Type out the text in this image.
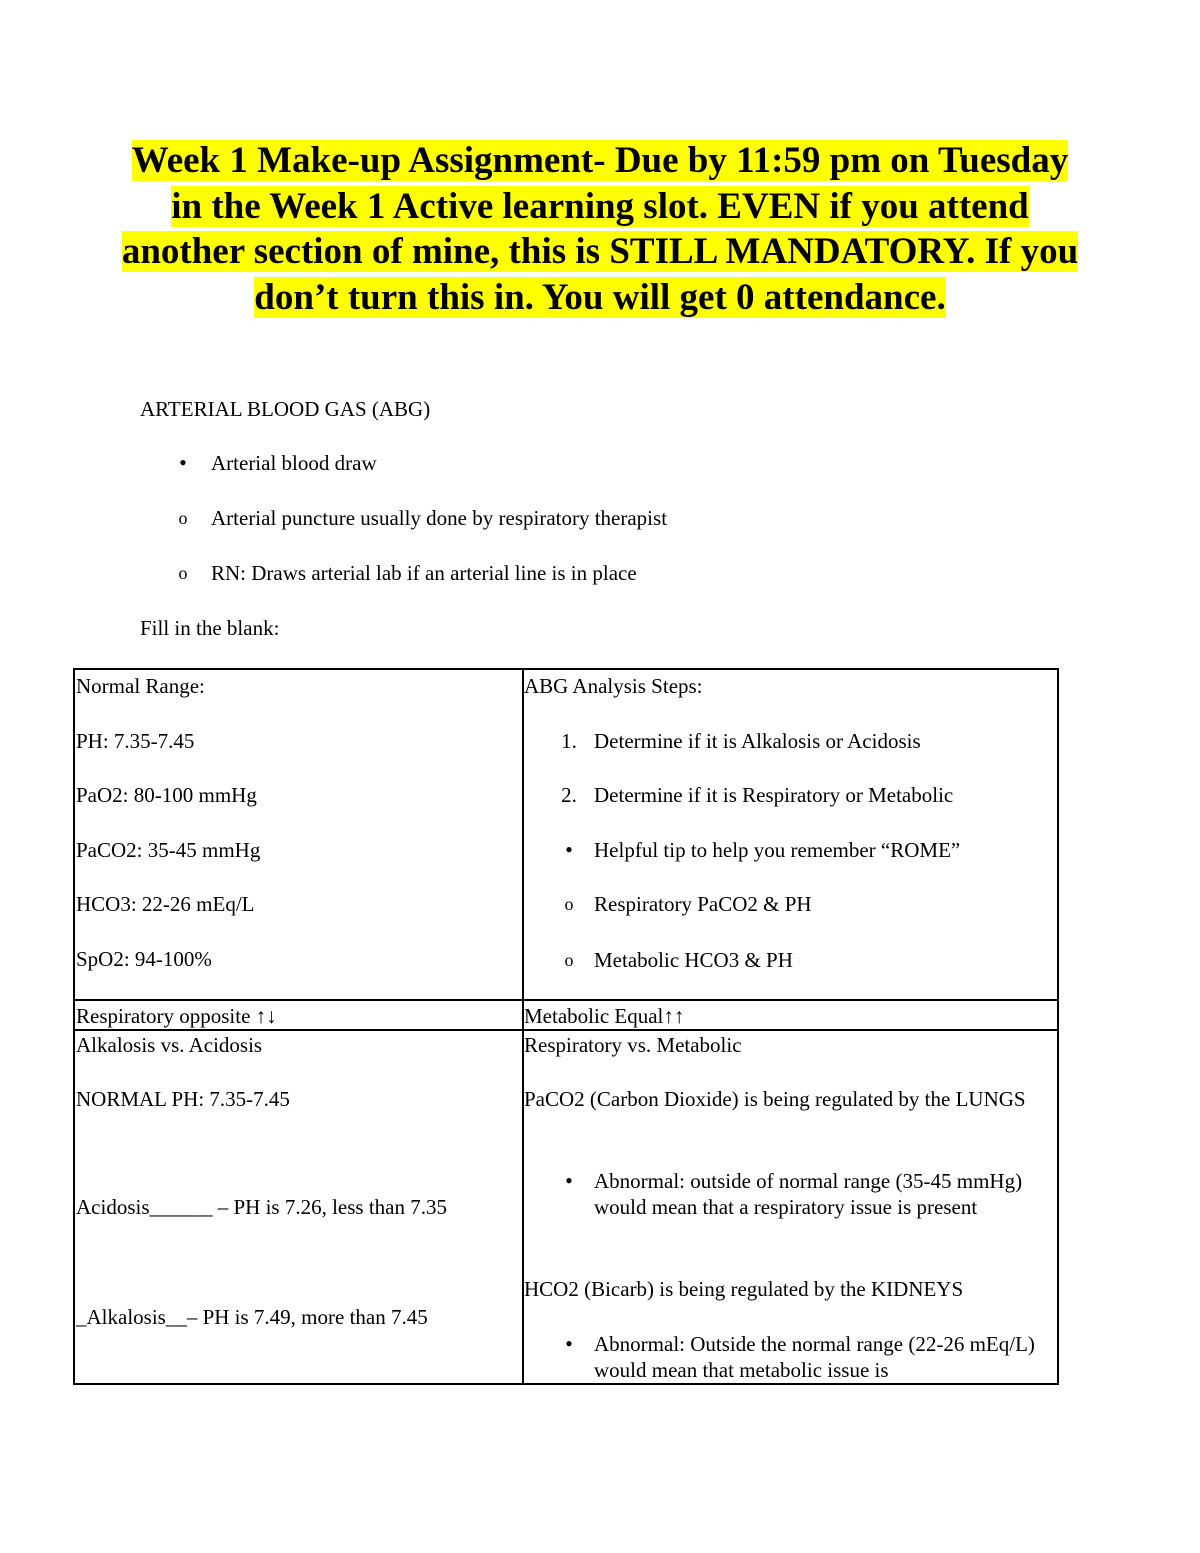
Week 1 Make-up Assignment- Due by 11:59 pm on Tuesday in the Week 1 Active learning slot. EVEN if you attend another section of mine, this is STILL MANDATORY. If you don’t turn this in. You will get 0 attendance.
ARTERIAL BLOOD GAS (ABG)
• Arterial blood draw
o Arterial puncture usually done by respiratory therapist
o RN: Draws arterial lab if an arterial line is in place
Fill in the blank:
Normal Range:
PH: 7.35-7.45
PaO2: 80-100 mmHg
PaCO2: 35-45 mmHg
HCO3: 22-26 mEq/L
SpO2: 94-100%
ABG Analysis Steps:
1. Determine if it is Alkalosis or Acidosis
2. Determine if it is Respiratory or Metabolic
• Helpful tip to help you remember “ROME”
o Respiratory PaCO2 & PH
o Metabolic HCO3 & PH
Respiratory opposite ↑↓	Metabolic Equal↑↑
Alkalosis vs. Acidosis
NORMAL PH: 7.35-7.45
Acidosis______ – PH is 7.26, less than 7.35
_Alkalosis__– PH is 7.49, more than 7.45
Respiratory vs. Metabolic
PaCO2 (Carbon Dioxide) is being regulated by the LUNGS
• Abnormal: outside of normal range (35-45 mmHg) would mean that a respiratory issue is present
HCO2 (Bicarb) is being regulated by the KIDNEYS
• Abnormal: Outside the normal range (22-26 mEq/L) would mean that metabolic issue is
